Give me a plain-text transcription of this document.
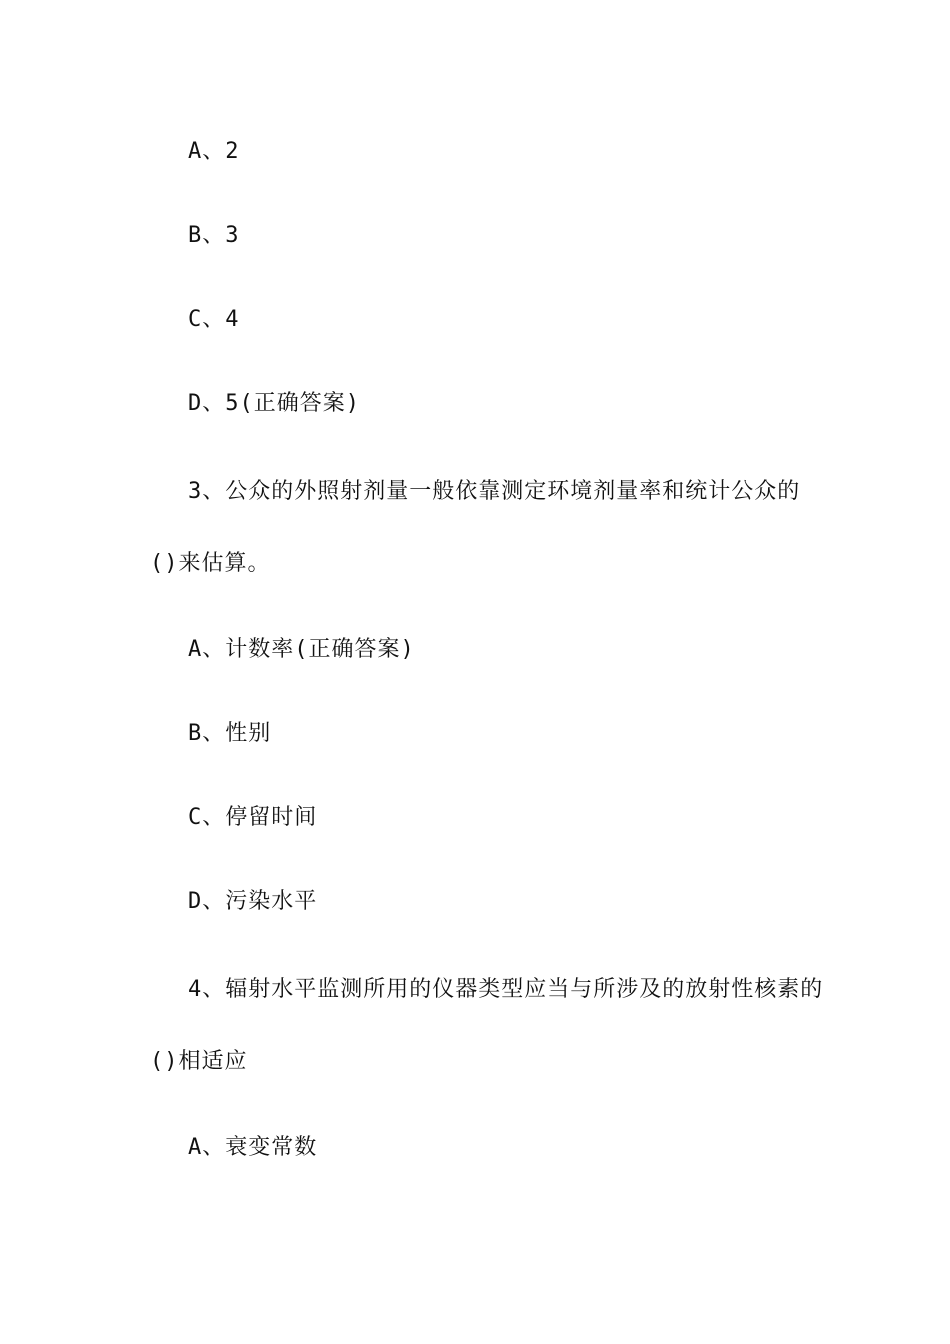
A、2
B、3
C、4
D、5(正确答案)
3、公众的外照射剂量一般依靠测定环境剂量率和统计公众的
()来估算。
A、计数率(正确答案)
B、性别
C、停留时间
D、污染水平
4、辐射水平监测所用的仪器类型应当与所涉及的放射性核素的
()相适应
A、衰变常数
